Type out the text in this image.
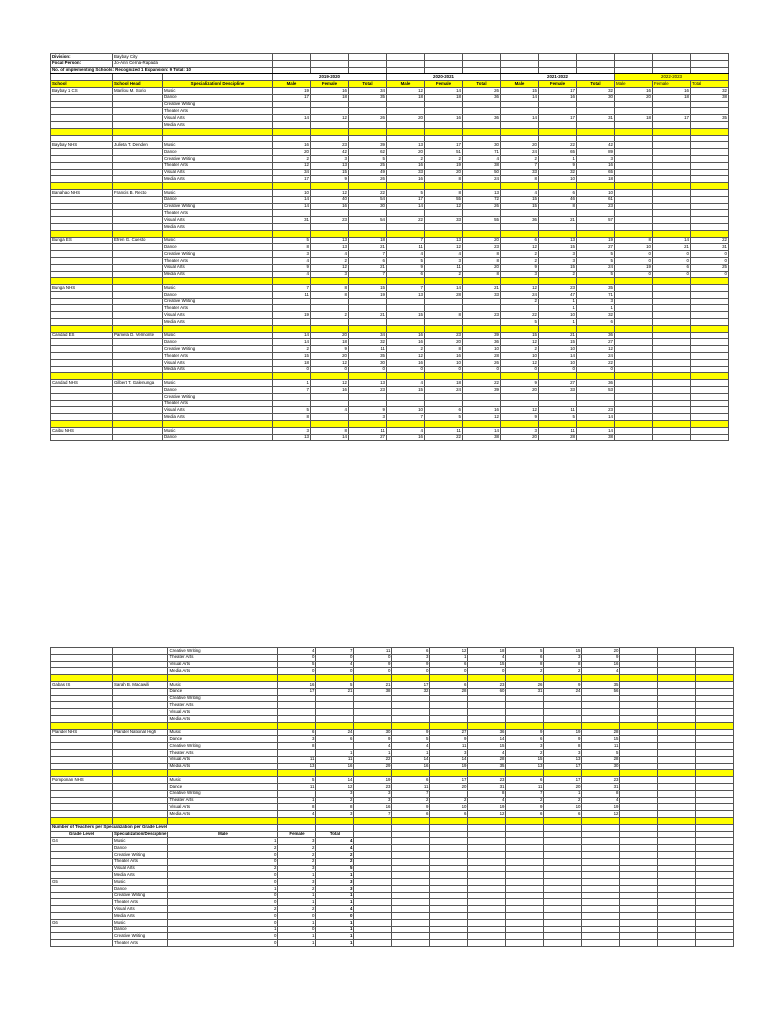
Division:	Baybay City													
Focal Person:	Jo-Ann Cerna-Rapada													
No. of implementing Schools: Recognized 1 Expansion: 9 Total: 10														
			2019-2020			2020-2021			2021-2022			2022-2023		
School	School Head	Specialization/ Descipline	Male	Female	Total	Male	Female	Total	Male	Female	Total	Male	Female	Total
Baybay 1 CS	Marilou M. Sorio	Music	19	16	34	12	14	26	15	17	32	16	16	32
		Dance	17	18	35	18	18	36	14	16	30	20	18	38
		Creative Writing												
		Theater Arts												
		Visual Arts	14	12	26	20	16	36	14	17	31	18	17	35
		Media Arts												

Baybay NHS	Julieta T. Denden	Music	16	23	39	13	17	30	20	22	42			
		Dance	20	42	62	20	51	71	24	65	89			
		Creative Writing	2	3	5	2	2	4	2	1	3			
		Theater Arts	12	13	25	16	19	38	7	9	16			
		Visual Arts	34	15	49	33	20	50	33	32	65			
		Media Arts	17	9	26	16	8	24	8	10	18			

Banahao NHS	Francis B. Recto	Music	10	12	22	5	8	13	4	6	10			
		Dance	14	40	54	17	55	72	15	46	61			
		Creative Writing	14	16	30	14	12	26	15	8	23			
		Theater Arts												
		Visual Arts	31	23	54	22	33	55	36	21	57			
		Media Arts												

Bunga ES	Efren G. Cuesto	Music	5	13	18	7	13	20	6	13	19	8	14	22
		Dance	8	13	21	11	12	23	12	15	27	10	21	31
		Creative Writing	3	4	7	4	4	8	2	3	5	0	0	0
		Theater Arts	4	2	6	5	3	8	2	3	5	0	0	0
		Visual Arts	9	12	21	9	11	20	9	15	24	19	6	25
		Media Arts	4	3	7	6	2	8	3	2	5	0	0	0

Bunga NHS		Music	7	8	15	7	14	21	12	23	35			
		Dance	11	8	19	13	28	33	24	47	71			
		Creative Writing							2	1	3			
		Theater Arts								1	1			
		Visual Arts	19	2	21	15	8	23	22	10	32			
		Media Arts							5	1	6			

Candad ES	Pamela D. Velmonte	Music	14	20	34	16	23	39	15	21	36			
		Dance	14	18	32	16	20	36	12	15	27			
		Creative Writing	2	9	11	2	8	10	2	10	12			
		Theater Arts	15	20	35	12	16	28	10	14	24			
		Visual Arts	18	12	30	16	10	26	12	10	22			
		Media Arts	0	0	0	0	0	0	0	0	0			

Candad NHS	Gilbert T. Galenunga	Music	1	12	13	4	18	22	9	27	36			
		Dance	7	16	23	15	24	39	20	33	53			
		Creative Writing												
		Theater Arts												
		Visual Arts	5	4	9	10	6	16	12	11	23			
		Media Arts	8		3	7	5	12	9	5	14			

Caibu NHS		Music	3	8	11	4	11	14	3	11	14			
		Dance	13	14	27	16	22	38	20	28	38			
		Creative Writing	4	7	11	6	12	18	5	15	20			
		Theater Arts	0	0	0	3	1	4	6	3	9			
		Visual Arts	5	4	9	9	6	15	8	8	16			
		Media Arts	0	0	0	0	0	0	2	2	4			

Gabas IS	Sarah B. Macawili	Music	16	5	21	17	6	23	26	9	35			
		Dance	17	21	38	32	28	60	31	24	56			
		Creative Writing												
		Theater Arts												
		Visual Arts												
		Media Arts												

Plaridel NHS	Plaridel National High	Music	6	24	30	9	27	36	9	19	28			
		Dance	3	6	9	5	9	14	6	9	15			
		Creative Writing	8		4	4	11	15	3	8	11			
		Theater Arts		1	1	1	3	4	2	3	5			
		Visual Arts	11	11	22	14	14	28	15	13	28			
		Media Arts	13	16	29	16	19	35	13	17	30			

Pomponan NHS		Music	5	14	19	6	17	23	6	17	23			
		Dance	11	12	23	11	20	31	11	20	31			
		Creative Writing		3	3	7		8	7	1	8			
		Theater Arts	1	2	3	2	2	4	2	2	4			
		Visual Arts	8	8	16	9	10	19	9	10	19			
		Media Arts	4	3	7	6	6	12	6	6	12			

Number of Teachers per Specialization per Grade Level														
Grade Level	Specialization/Descipline	Male	Female	Total										
G4	Music	1	3	4										
	Dance	2	2	4										
	Creative Writing	0	2	2										
	Theater Arts	0	2	2										
	Visual Arts	2	3	5										
	Media Arts	0	1	1										
G5	Music	0	3	3										
	Dance	1	2	3										
	Creative Writing	0	1	1										
	Theater Arts	0	1	1										
	Visual Arts	2	2	4										
	Media Arts	0	0	0										
G6	Music	0	1	1										
	Dance	1	0	1										
	Creative Writing	0	1	1										
	Theater Arts	0	1	1										
